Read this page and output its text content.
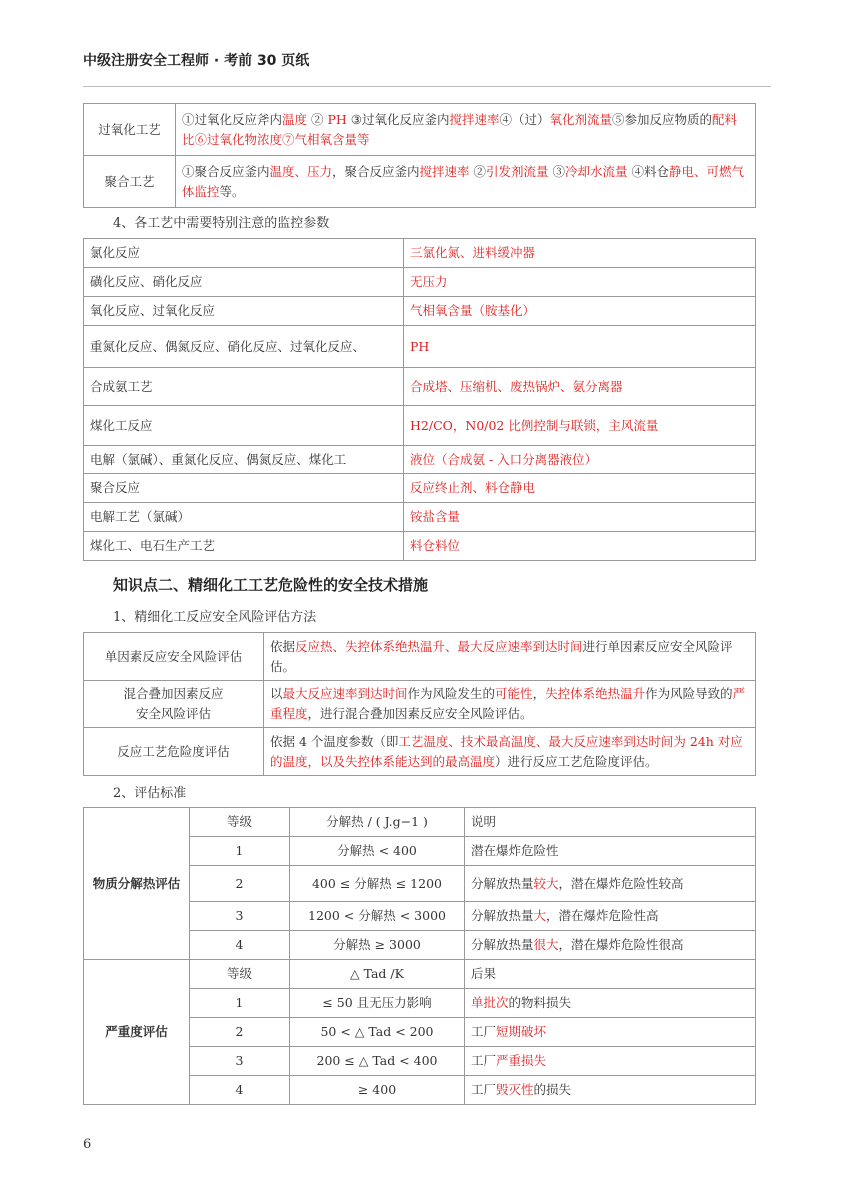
中级注册安全工程师 · 考前 30 页纸
过氧化工艺	①过氧化反应斧内温度 ② PH ③过氧化反应釜内搅拌速率④（过）氧化剂流量⑤参加反应物质的配料比⑥过氧化物浓度⑦气相氧含量等
聚合工艺	①聚合反应釜内温度、压力，聚合反应釜内搅拌速率 ②引发剂流量 ③冷却水流量 ④料仓静电、可燃气体监控等。
4、各工艺中需要特别注意的监控参数
氯化反应	三氯化氮、进料缓冲器
磺化反应、硝化反应	无压力
氧化反应、过氧化反应	气相氧含量（胺基化）
重氮化反应、偶氮反应、硝化反应、过氧化反应、	PH
合成氨工艺	合成塔、压缩机、废热锅炉、氨分离器
煤化工反应	H2/CO，N0/02 比例控制与联锁，主风流量
电解（氯碱）、重氮化反应、偶氮反应、煤化工	液位（合成氨 - 入口分离器液位）
聚合反应	反应终止剂、料仓静电
电解工艺（氯碱）	铵盐含量
煤化工、电石生产工艺	料仓料位
知识点二、精细化工工艺危险性的安全技术措施
1、精细化工反应安全风险评估方法
单因素反应安全风险评估	依据反应热、失控体系绝热温升、最大反应速率到达时间进行单因素反应安全风险评估。

混合叠加因素反应
安全风险评估	以最大反应速率到达时间作为风险发生的可能性，失控体系绝热温升作为风险导致的严重程度，进行混合叠加因素反应安全风险评估。

反应工艺危险度评估	依据 4 个温度参数（即工艺温度、技术最高温度、最大反应速率到达时间为 24h 对应的温度，以及失控体系能达到的最高温度）进行反应工艺危险度评估。
2、评估标准
物质分解热评估	等级	分解热 / ( J.g−1 )	说明
	1	分解热 < 400	潜在爆炸危险性
	2	400 ≤ 分解热 ≤ 1200	分解放热量较大，潜在爆炸危险性较高
	3	1200 < 分解热 < 3000	分解放热量大，潜在爆炸危险性高
	4	分解热 ≥ 3000	分解放热量很大，潜在爆炸危险性很高
严重度评估	等级	△ Tad /K	后果
	1	≤ 50 且无压力影响	单批次的物料损失
	2	50 < △ Tad < 200	工厂短期破坏
	3	200 ≤ △ Tad < 400	工厂严重损失
	4	≥ 400	工厂毁灭性的损失
6
